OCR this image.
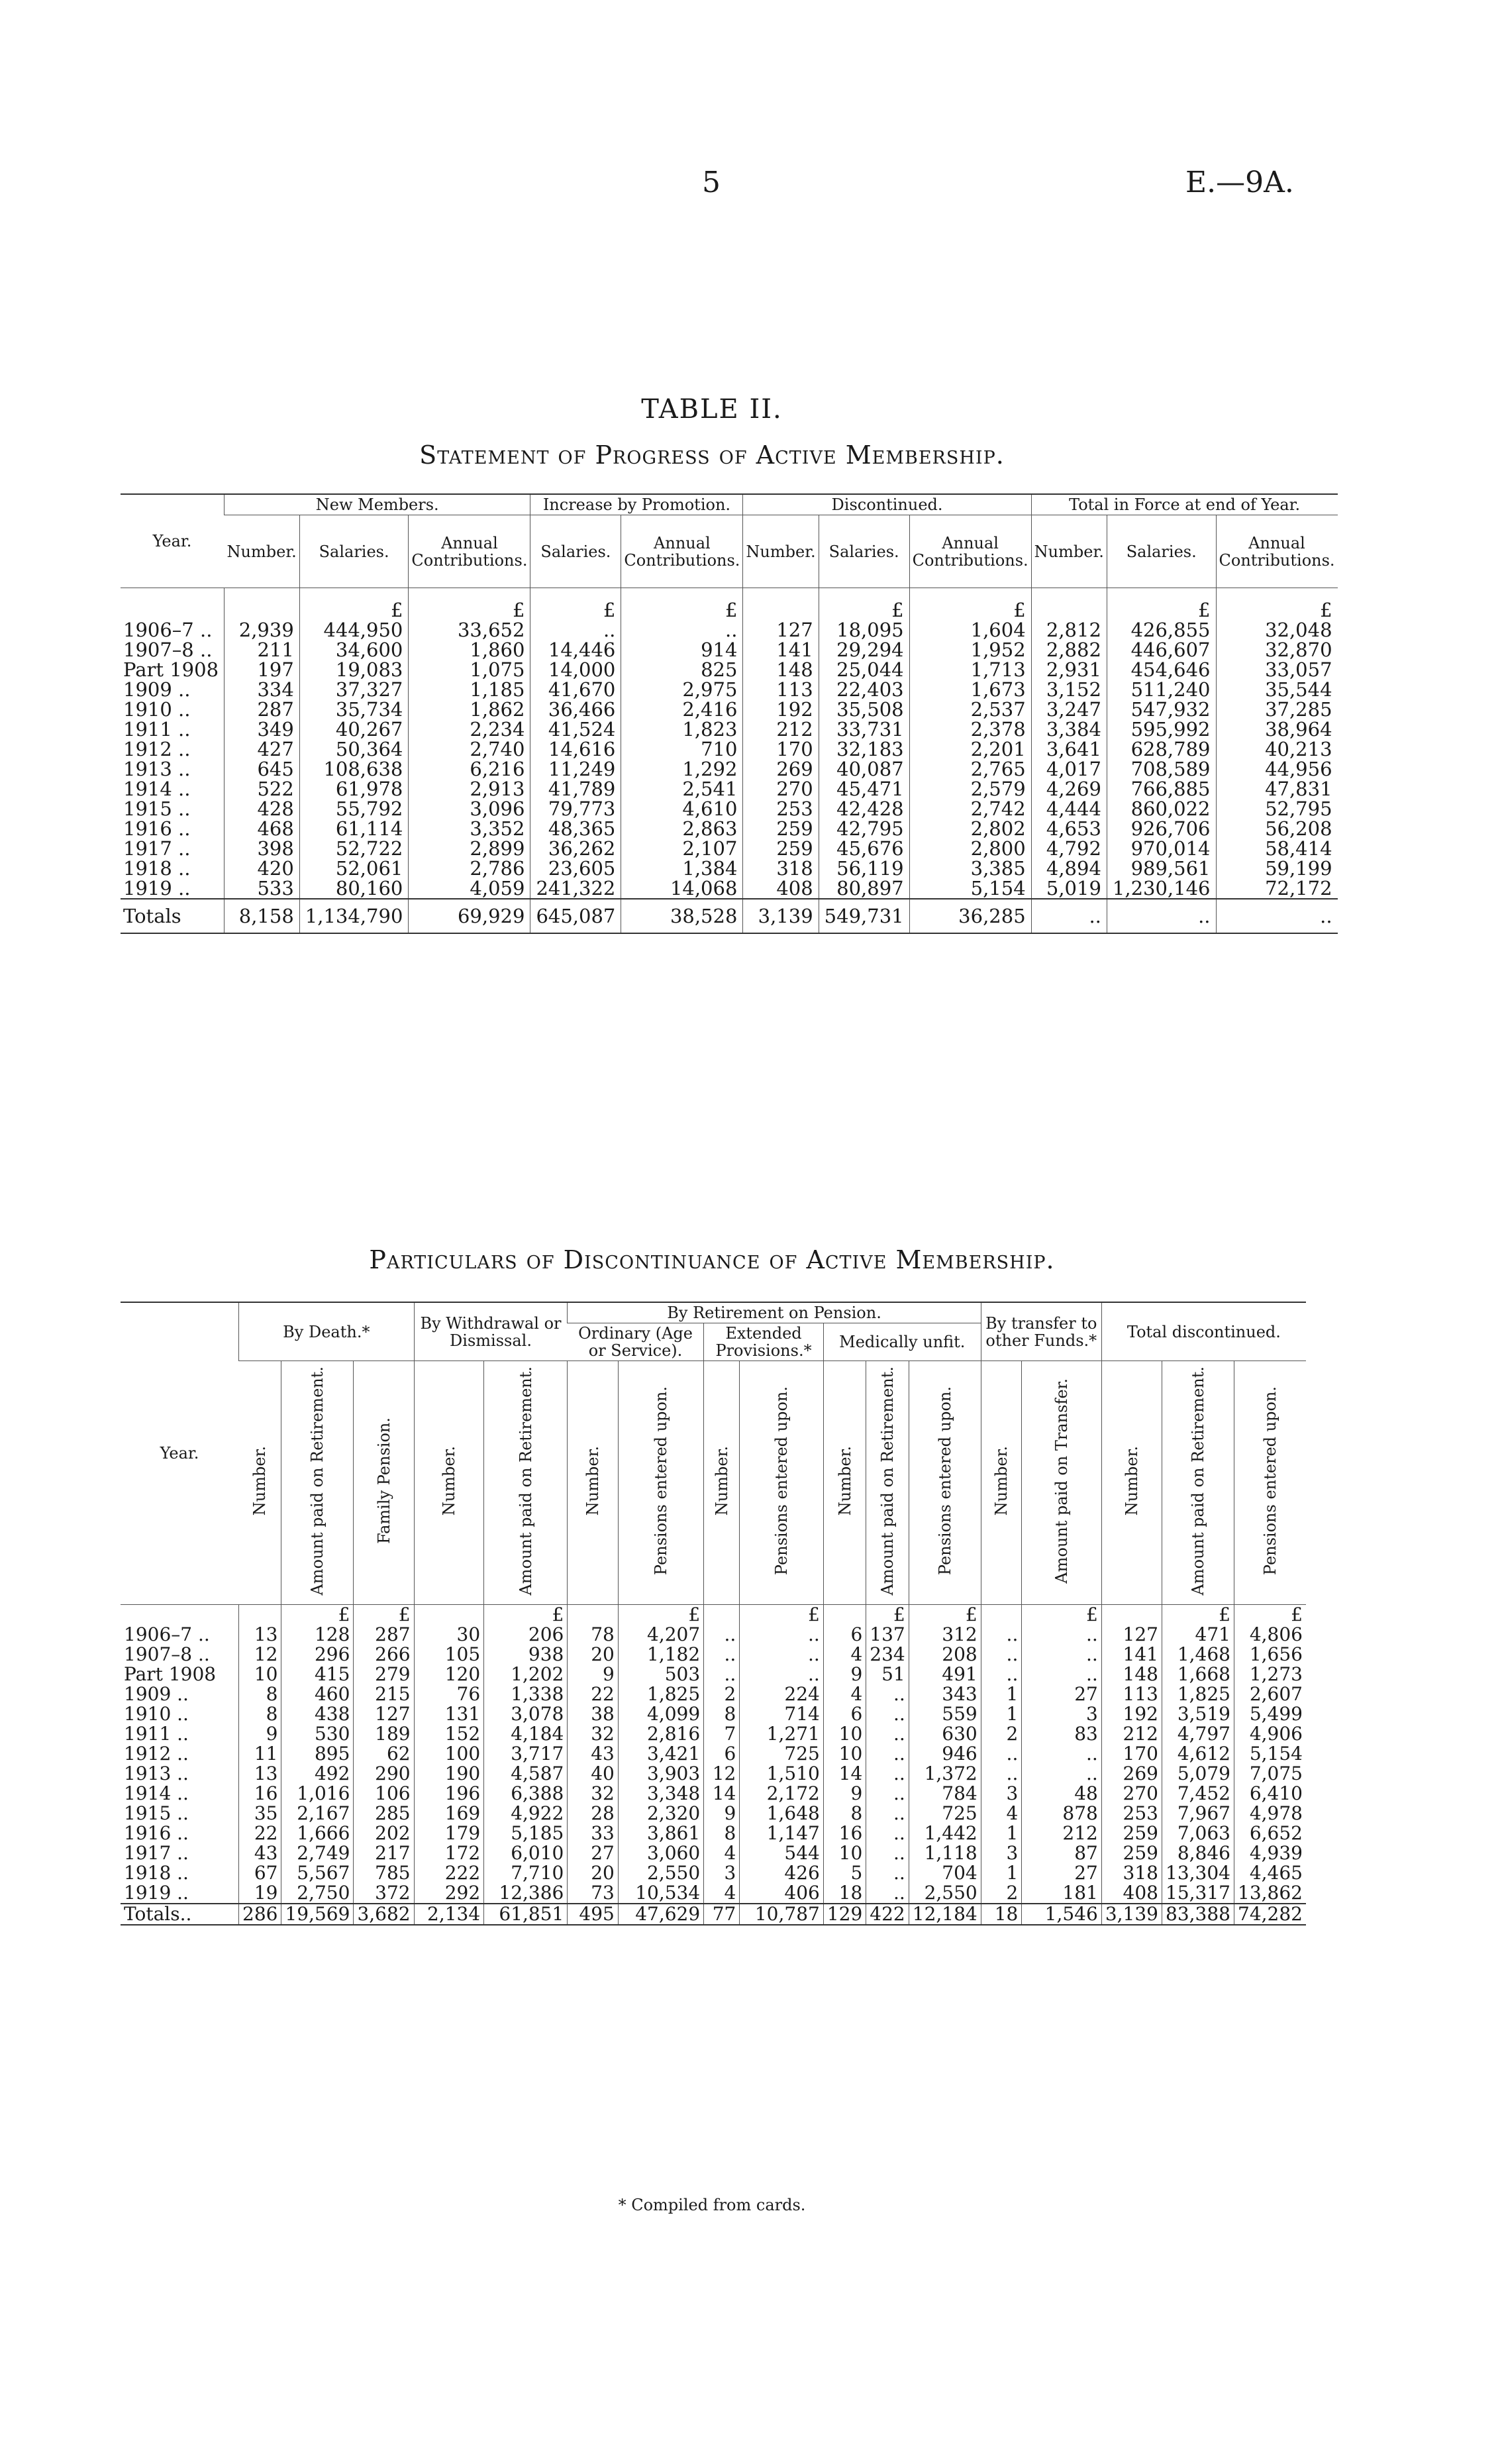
5	E.—9A.
TABLE II.
Statement of Progress of Active Membership.
Year.	New Members.			Increase by Promotion.		Discontinued.			Total in Force at end of Year.		
	Number.	Salaries.	Annual Contributions.	Salaries.	Annual Contributions.	Number.	Salaries.	Annual Contributions.	Number.	Salaries.	Annual Contributions.
		£	£	£	£		£	£		£	£
1906–7 ..	2,939	444,950	33,652	..	..	127	18,095	1,604	2,812	426,855	32,048
1907–8 ..	211	34,600	1,860	14,446	914	141	29,294	1,952	2,882	446,607	32,870
Part 1908	197	19,083	1,075	14,000	825	148	25,044	1,713	2,931	454,646	33,057
1909 ..	334	37,327	1,185	41,670	2,975	113	22,403	1,673	3,152	511,240	35,544
1910 ..	287	35,734	1,862	36,466	2,416	192	35,508	2,537	3,247	547,932	37,285
1911 ..	349	40,267	2,234	41,524	1,823	212	33,731	2,378	3,384	595,992	38,964
1912 ..	427	50,364	2,740	14,616	710	170	32,183	2,201	3,641	628,789	40,213
1913 ..	645	108,638	6,216	11,249	1,292	269	40,087	2,765	4,017	708,589	44,956
1914 ..	522	61,978	2,913	41,789	2,541	270	45,471	2,579	4,269	766,885	47,831
1915 ..	428	55,792	3,096	79,773	4,610	253	42,428	2,742	4,444	860,022	52,795
1916 ..	468	61,114	3,352	48,365	2,863	259	42,795	2,802	4,653	926,706	56,208
1917 ..	398	52,722	2,899	36,262	2,107	259	45,676	2,800	4,792	970,014	58,414
1918 ..	420	52,061	2,786	23,605	1,384	318	56,119	3,385	4,894	989,561	59,199
1919 ..	533	80,160	4,059	241,322	14,068	408	80,897	5,154	5,019	1,230,146	72,172
Totals	8,158	1,134,790	69,929	645,087	38,528	3,139	549,731	36,285	..	..	..
Particulars of Discontinuance of Active Membership.
Year.	By Death.*			By Withdrawal or Dismissal.		By Retirement on Pension.							By transfer to other Funds.*		Total discontinued.		
						Ordinary (Age or Service).		Extended Provisions.*		Medically unfit.							
	Number.	Amount paid on Retirement.	Family Pension.	Number.	Amount paid on Retirement.	Number.	Pensions entered upon.	Number.	Pensions entered upon.	Number.	Amount paid on Retirement.	Pensions entered upon.	Number.	Amount paid on Transfer.	Number.	Amount paid on Retirement.	Pensions entered upon.
		£	£		£		£		£		£	£		£		£	£
1906–7 ..	13	128	287	30	206	78	4,207	..	..	6	137	312	..	..	127	471	4,806
1907–8 ..	12	296	266	105	938	20	1,182	..	..	4	234	208	..	..	141	1,468	1,656
Part 1908	10	415	279	120	1,202	9	503	..	..	9	51	491	..	..	148	1,668	1,273
1909 ..	8	460	215	76	1,338	22	1,825	2	224	4	..	343	1	27	113	1,825	2,607
1910 ..	8	438	127	131	3,078	38	4,099	8	714	6	..	559	1	3	192	3,519	5,499
1911 ..	9	530	189	152	4,184	32	2,816	7	1,271	10	..	630	2	83	212	4,797	4,906
1912 ..	11	895	62	100	3,717	43	3,421	6	725	10	..	946	..	..	170	4,612	5,154
1913 ..	13	492	290	190	4,587	40	3,903	12	1,510	14	..	1,372	..	..	269	5,079	7,075
1914 ..	16	1,016	106	196	6,388	32	3,348	14	2,172	9	..	784	3	48	270	7,452	6,410
1915 ..	35	2,167	285	169	4,922	28	2,320	9	1,648	8	..	725	4	878	253	7,967	4,978
1916 ..	22	1,666	202	179	5,185	33	3,861	8	1,147	16	..	1,442	1	212	259	7,063	6,652
1917 ..	43	2,749	217	172	6,010	27	3,060	4	544	10	..	1,118	3	87	259	8,846	4,939
1918 ..	67	5,567	785	222	7,710	20	2,550	3	426	5	..	704	1	27	318	13,304	4,465
1919 ..	19	2,750	372	292	12,386	73	10,534	4	406	18	..	2,550	2	181	408	15,317	13,862
Totals..	286	19,569	3,682	2,134	61,851	495	47,629	77	10,787	129	422	12,184	18	1,546	3,139	83,388	74,282
* Compiled from cards.
